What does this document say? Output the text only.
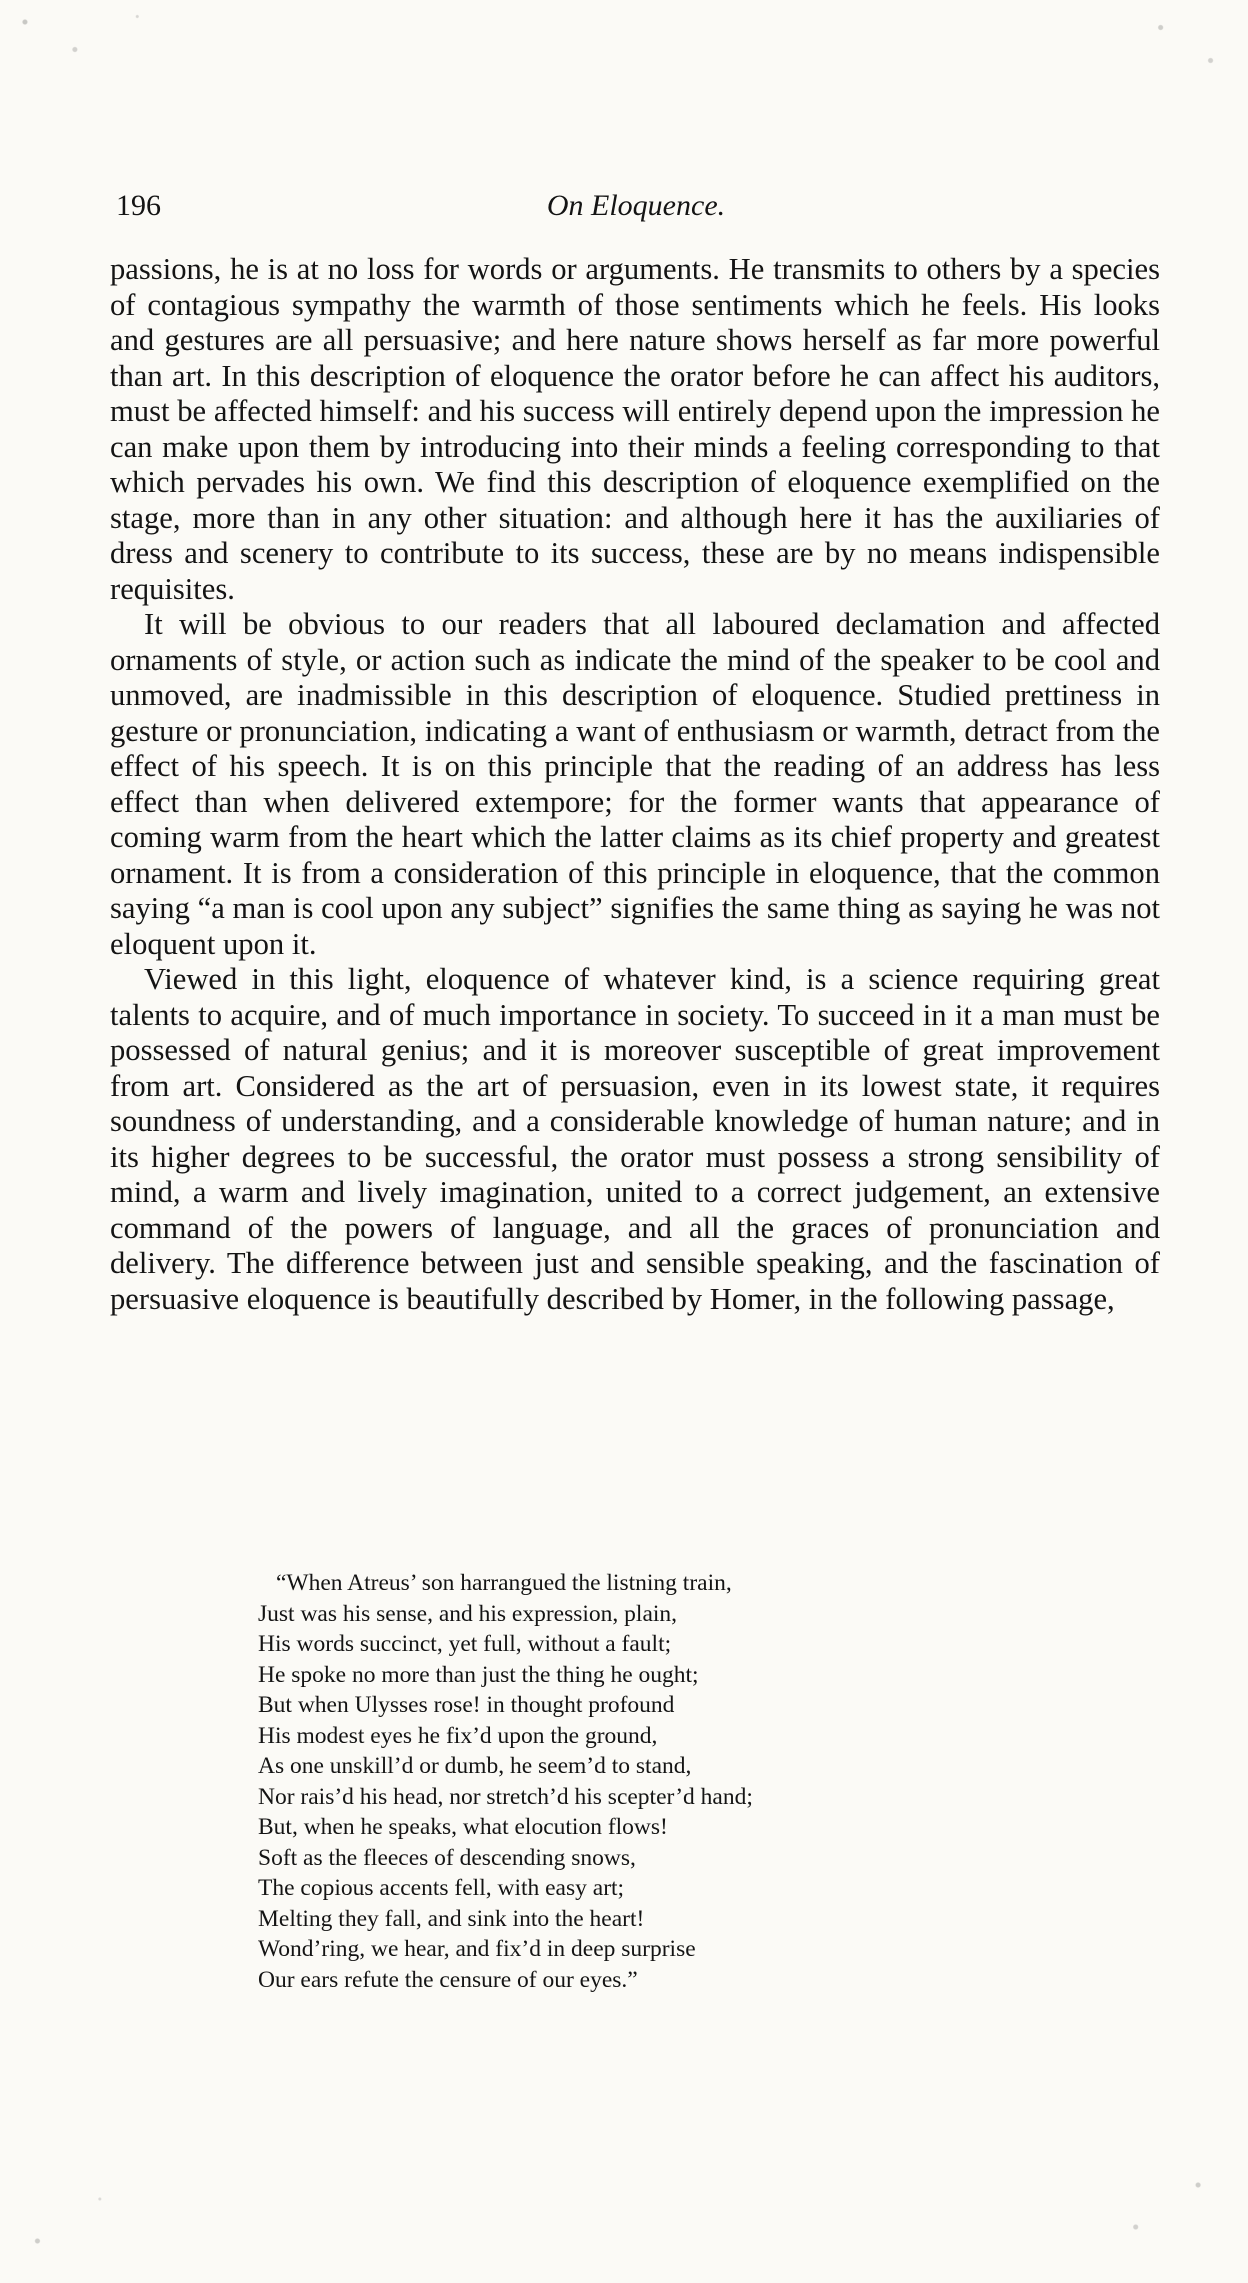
196	On Eloquence.

passions, he is at no loss for words or arguments. He transmits to others by a species of contagious sympathy the warmth of those sentiments which he feels. His looks and gestures are all persuasive; and here nature shows herself as far more powerful than art. In this description of eloquence the orator before he can affect his auditors, must be affected himself: and his success will entirely depend upon the impression he can make upon them by introducing into their minds a feeling corresponding to that which pervades his own. We find this description of eloquence exemplified on the stage, more than in any other situation: and although here it has the auxiliaries of dress and scenery to contribute to its success, these are by no means indispensible requisites.

It will be obvious to our readers that all laboured declamation and affected ornaments of style, or action such as indicate the mind of the speaker to be cool and unmoved, are inadmissible in this description of eloquence. Studied prettiness in gesture or pronunciation, indicating a want of enthusiasm or warmth, detract from the effect of his speech. It is on this principle that the reading of an address has less effect than when delivered extempore; for the former wants that appearance of coming warm from the heart which the latter claims as its chief property and greatest ornament. It is from a consideration of this principle in eloquence, that the common saying “a man is cool upon any subject” signifies the same thing as saying he was not eloquent upon it.

Viewed in this light, eloquence of whatever kind, is a science requiring great talents to acquire, and of much importance in society. To succeed in it a man must be possessed of natural genius; and it is moreover susceptible of great improvement from art. Considered as the art of persuasion, even in its lowest state, it requires soundness of understanding, and a considerable knowledge of human nature; and in its higher degrees to be successful, the orator must possess a strong sensibility of mind, a warm and lively imagination, united to a correct judgement, an extensive command of the powers of language, and all the graces of pronunciation and delivery. The difference between just and sensible speaking, and the fascination of persuasive eloquence is beautifully described by Homer, in the following passage,

“When Atreus’ son harrangued the listning train,
Just was his sense, and his expression, plain,
His words succinct, yet full, without a fault;
He spoke no more than just the thing he ought;
But when Ulysses rose! in thought profound
His modest eyes he fix’d upon the ground,
As one unskill’d or dumb, he seem’d to stand,
Nor rais’d his head, nor stretch’d his scepter’d hand;
But, when he speaks, what elocution flows!
Soft as the fleeces of descending snows,
The copious accents fell, with easy art;
Melting they fall, and sink into the heart!
Wond’ring, we hear, and fix’d in deep surprise
Our ears refute the censure of our eyes.”
